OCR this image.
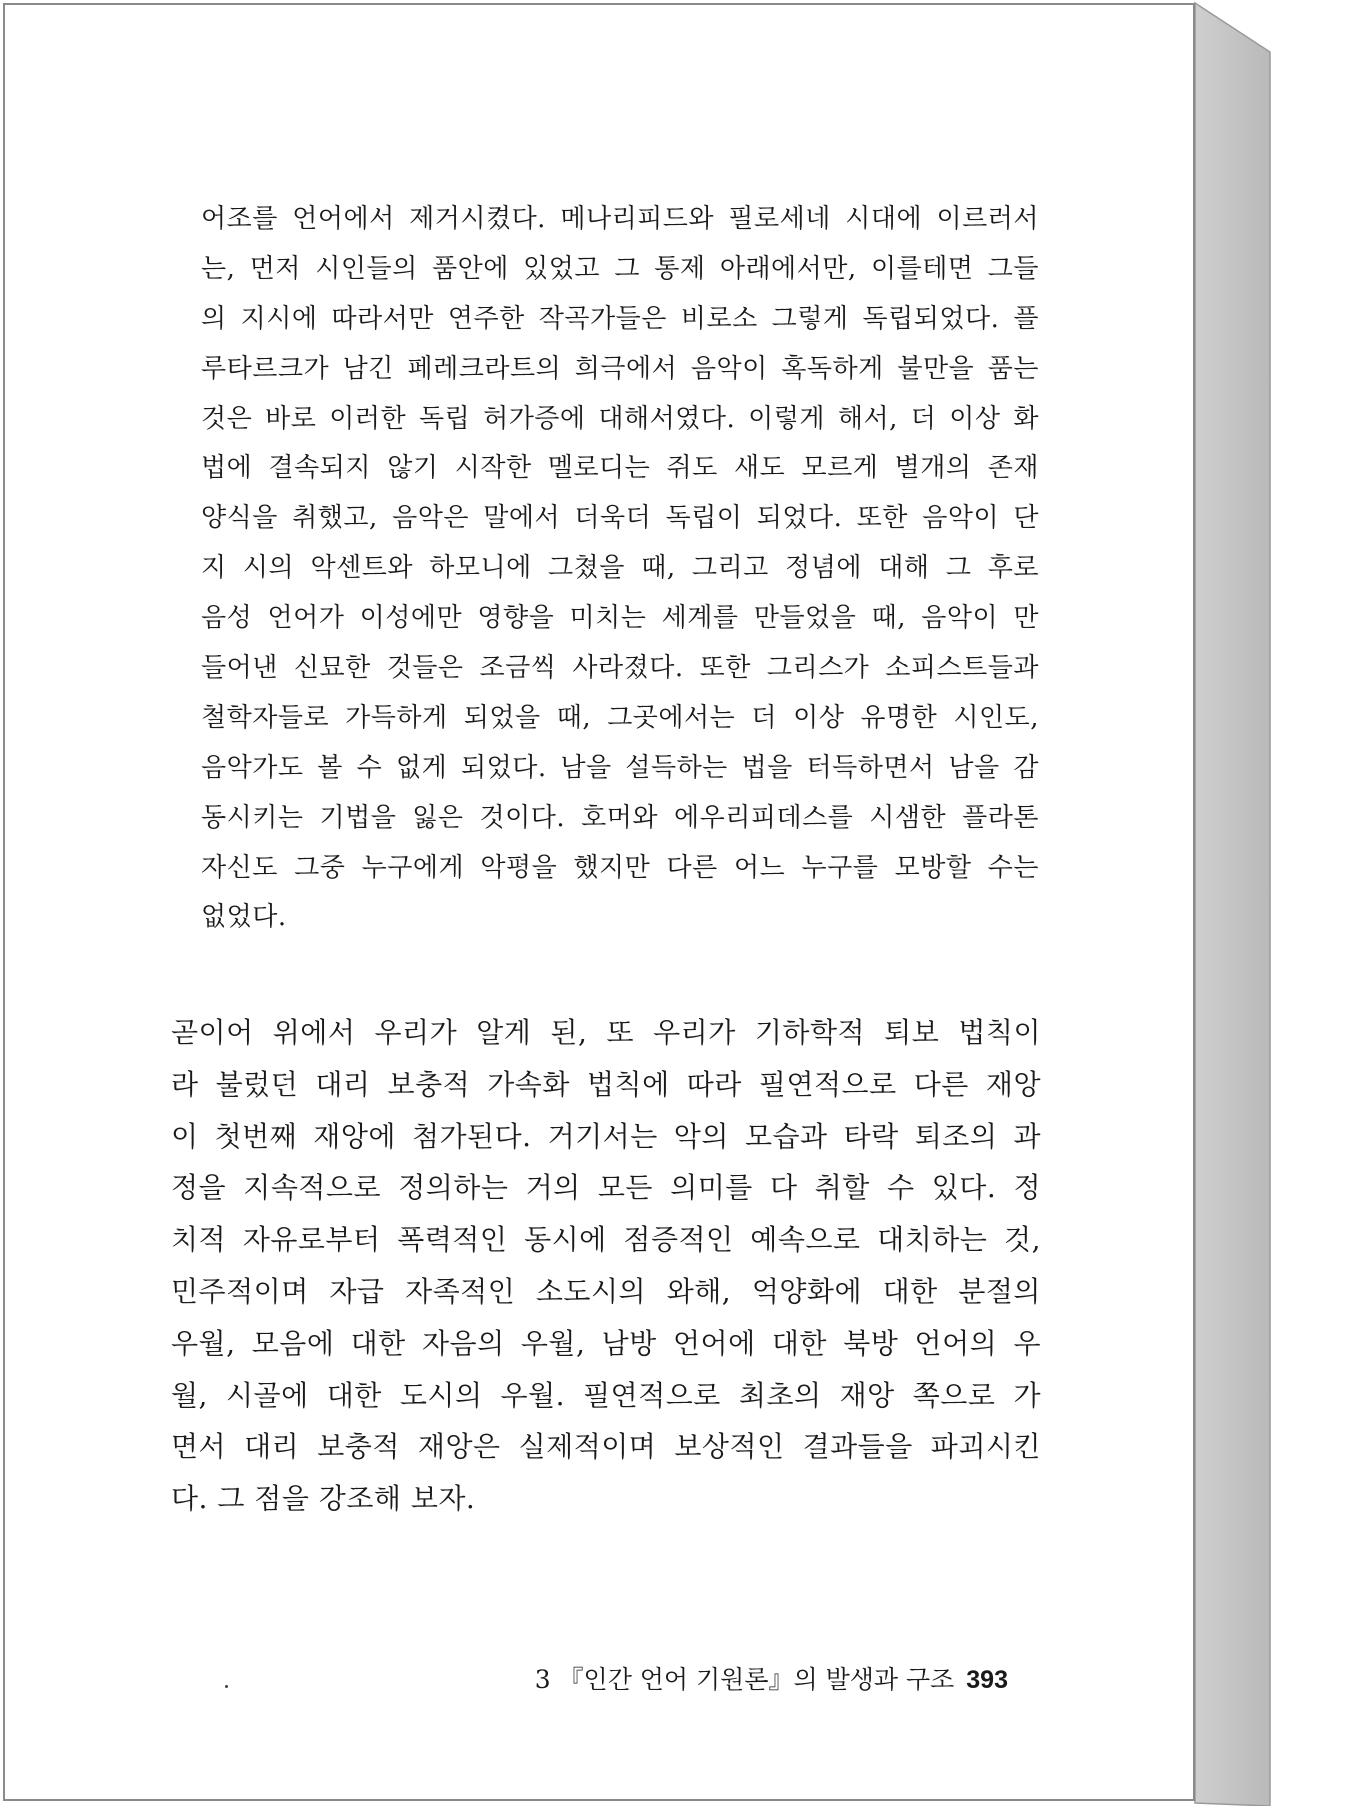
어조를 언어에서 제거시켰다. 메나리피드와 필로세네 시대에 이르러서
는, 먼저 시인들의 품안에 있었고 그 통제 아래에서만, 이를테면 그들
의 지시에 따라서만 연주한 작곡가들은 비로소 그렇게 독립되었다. 플
루타르크가 남긴 페레크라트의 희극에서 음악이 혹독하게 불만을 품는
것은 바로 이러한 독립 허가증에 대해서였다. 이렇게 해서, 더 이상 화
법에 결속되지 않기 시작한 멜로디는 쥐도 새도 모르게 별개의 존재
양식을 취했고, 음악은 말에서 더욱더 독립이 되었다. 또한 음악이 단
지 시의 악센트와 하모니에 그쳤을 때, 그리고 정념에 대해 그 후로
음성 언어가 이성에만 영향을 미치는 세계를 만들었을 때, 음악이 만
들어낸 신묘한 것들은 조금씩 사라졌다. 또한 그리스가 소피스트들과
철학자들로 가득하게 되었을 때, 그곳에서는 더 이상 유명한 시인도,
음악가도 볼 수 없게 되었다. 남을 설득하는 법을 터득하면서 남을 감
동시키는 기법을 잃은 것이다. 호머와 에우리피데스를 시샘한 플라톤
자신도 그중 누구에게 악평을 했지만 다른 어느 누구를 모방할 수는
없었다.
곧이어 위에서 우리가 알게 된, 또 우리가 기하학적 퇴보 법칙이
라 불렀던 대리 보충적 가속화 법칙에 따라 필연적으로 다른 재앙
이 첫번째 재앙에 첨가된다. 거기서는 악의 모습과 타락 퇴조의 과
정을 지속적으로 정의하는 거의 모든 의미를 다 취할 수 있다. 정
치적 자유로부터 폭력적인 동시에 점증적인 예속으로 대치하는 것,
민주적이며 자급 자족적인 소도시의 와해, 억양화에 대한 분절의
우월, 모음에 대한 자음의 우월, 남방 언어에 대한 북방 언어의 우
월, 시골에 대한 도시의 우월. 필연적으로 최초의 재앙 쪽으로 가
면서 대리 보충적 재앙은 실제적이며 보상적인 결과들을 파괴시킨
다. 그 점을 강조해 보자.
3 『인간 언어 기원론』의 발생과 구조 393
